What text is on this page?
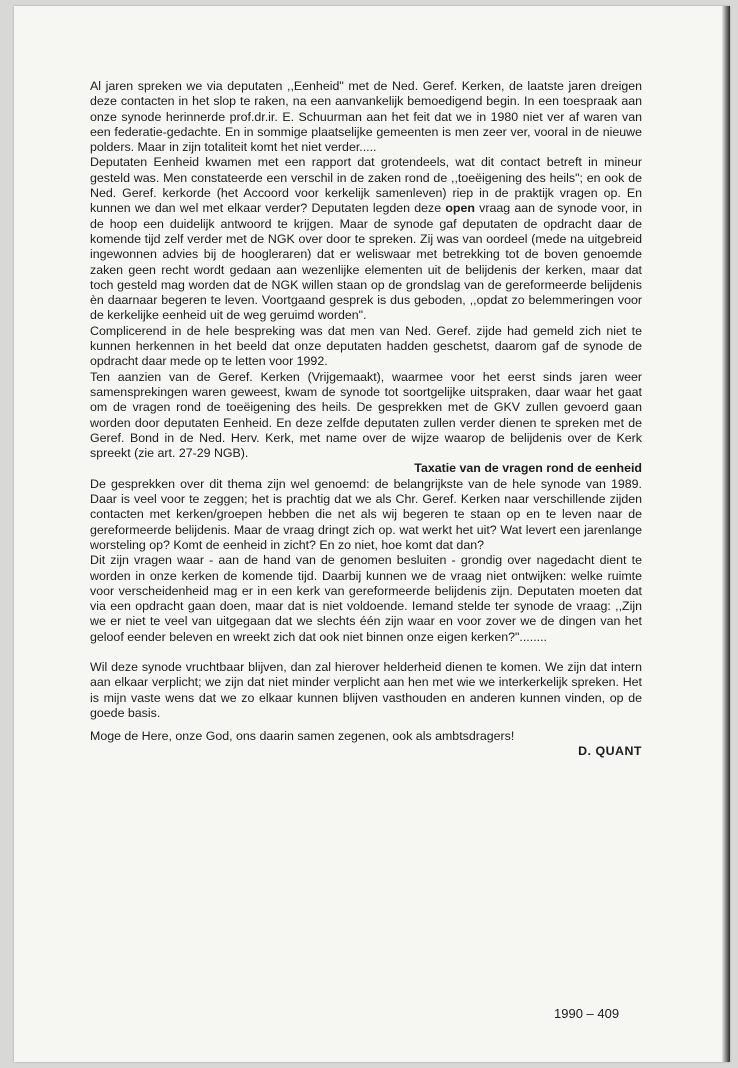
Al jaren spreken we via deputaten ,,Eenheid" met de Ned. Geref. Kerken, de laatste jaren dreigen deze contacten in het slop te raken, na een aanvankelijk bemoedigend begin. In een toespraak aan onze synode herinnerde prof.dr.ir. E. Schuurman aan het feit dat we in 1980 niet ver af waren van een federatie-gedachte. En in sommige plaatselijke gemeenten is men zeer ver, vooral in de nieuwe polders. Maar in zijn totaliteit komt het niet verder.....

Deputaten Eenheid kwamen met een rapport dat grotendeels, wat dit contact betreft in mineur gesteld was. Men constateerde een verschil in de zaken rond de ,,toeëigening des heils"; en ook de Ned. Geref. kerkorde (het Accoord voor kerkelijk samenleven) riep in de praktijk vragen op. En kunnen we dan wel met elkaar verder? Deputaten legden deze open vraag aan de synode voor, in de hoop een duidelijk antwoord te krijgen. Maar de synode gaf deputaten de opdracht daar de komende tijd zelf verder met de NGK over door te spreken. Zij was van oordeel (mede na uitgebreid ingewonnen advies bij de hoogleraren) dat er weliswaar met betrekking tot de boven genoemde zaken geen recht wordt gedaan aan wezenlijke elementen uit de belijdenis der kerken, maar dat toch gesteld mag worden dat de NGK willen staan op de grondslag van de gereformeerde belijdenis èn daarnaar begeren te leven. Voortgaand gesprek is dus geboden, ,,opdat zo belemmeringen voor de kerkelijke eenheid uit de weg geruimd worden".

Complicerend in de hele bespreking was dat men van Ned. Geref. zijde had gemeld zich niet te kunnen herkennen in het beeld dat onze deputaten hadden geschetst, daarom gaf de synode de opdracht daar mede op te letten voor 1992.

Ten aanzien van de Geref. Kerken (Vrijgemaakt), waarmee voor het eerst sinds jaren weer samensprekingen waren geweest, kwam de synode tot soortgelijke uitspraken, daar waar het gaat om de vragen rond de toeëigening des heils. De gesprekken met de GKV zullen gevoerd gaan worden door deputaten Eenheid. En deze zelfde deputaten zullen verder dienen te spreken met de Geref. Bond in de Ned. Herv. Kerk, met name over de wijze waarop de belijdenis over de Kerk spreekt (zie art. 27-29 NGB).

Taxatie van de vragen rond de eenheid

De gesprekken over dit thema zijn wel genoemd: de belangrijkste van de hele synode van 1989. Daar is veel voor te zeggen; het is prachtig dat we als Chr. Geref. Kerken naar verschillende zijden contacten met kerken/groepen hebben die net als wij begeren te staan op en te leven naar de gereformeerde belijdenis. Maar de vraag dringt zich op. wat werkt het uit? Wat levert een jarenlange worsteling op? Komt de eenheid in zicht? En zo niet, hoe komt dat dan?

Dit zijn vragen waar - aan de hand van de genomen besluiten - grondig over nagedacht dient te worden in onze kerken de komende tijd. Daarbij kunnen we de vraag niet ontwijken: welke ruimte voor verscheidenheid mag er in een kerk van gereformeerde belijdenis zijn. Deputaten moeten dat via een opdracht gaan doen, maar dat is niet voldoende. Iemand stelde ter synode de vraag: ,,Zijn we er niet te veel van uitgegaan dat we slechts één zijn waar en voor zover we de dingen van het geloof eender beleven en wreekt zich dat ook niet binnen onze eigen kerken?"........

Wil deze synode vruchtbaar blijven, dan zal hierover helderheid dienen te komen. We zijn dat intern aan elkaar verplicht; we zijn dat niet minder verplicht aan hen met wie we interkerkelijk spreken. Het is mijn vaste wens dat we zo elkaar kunnen blijven vasthouden en anderen kunnen vinden, op de goede basis.

Moge de Here, onze God, ons daarin samen zegenen, ook als ambtsdragers!

D. QUANT

1990 – 409
